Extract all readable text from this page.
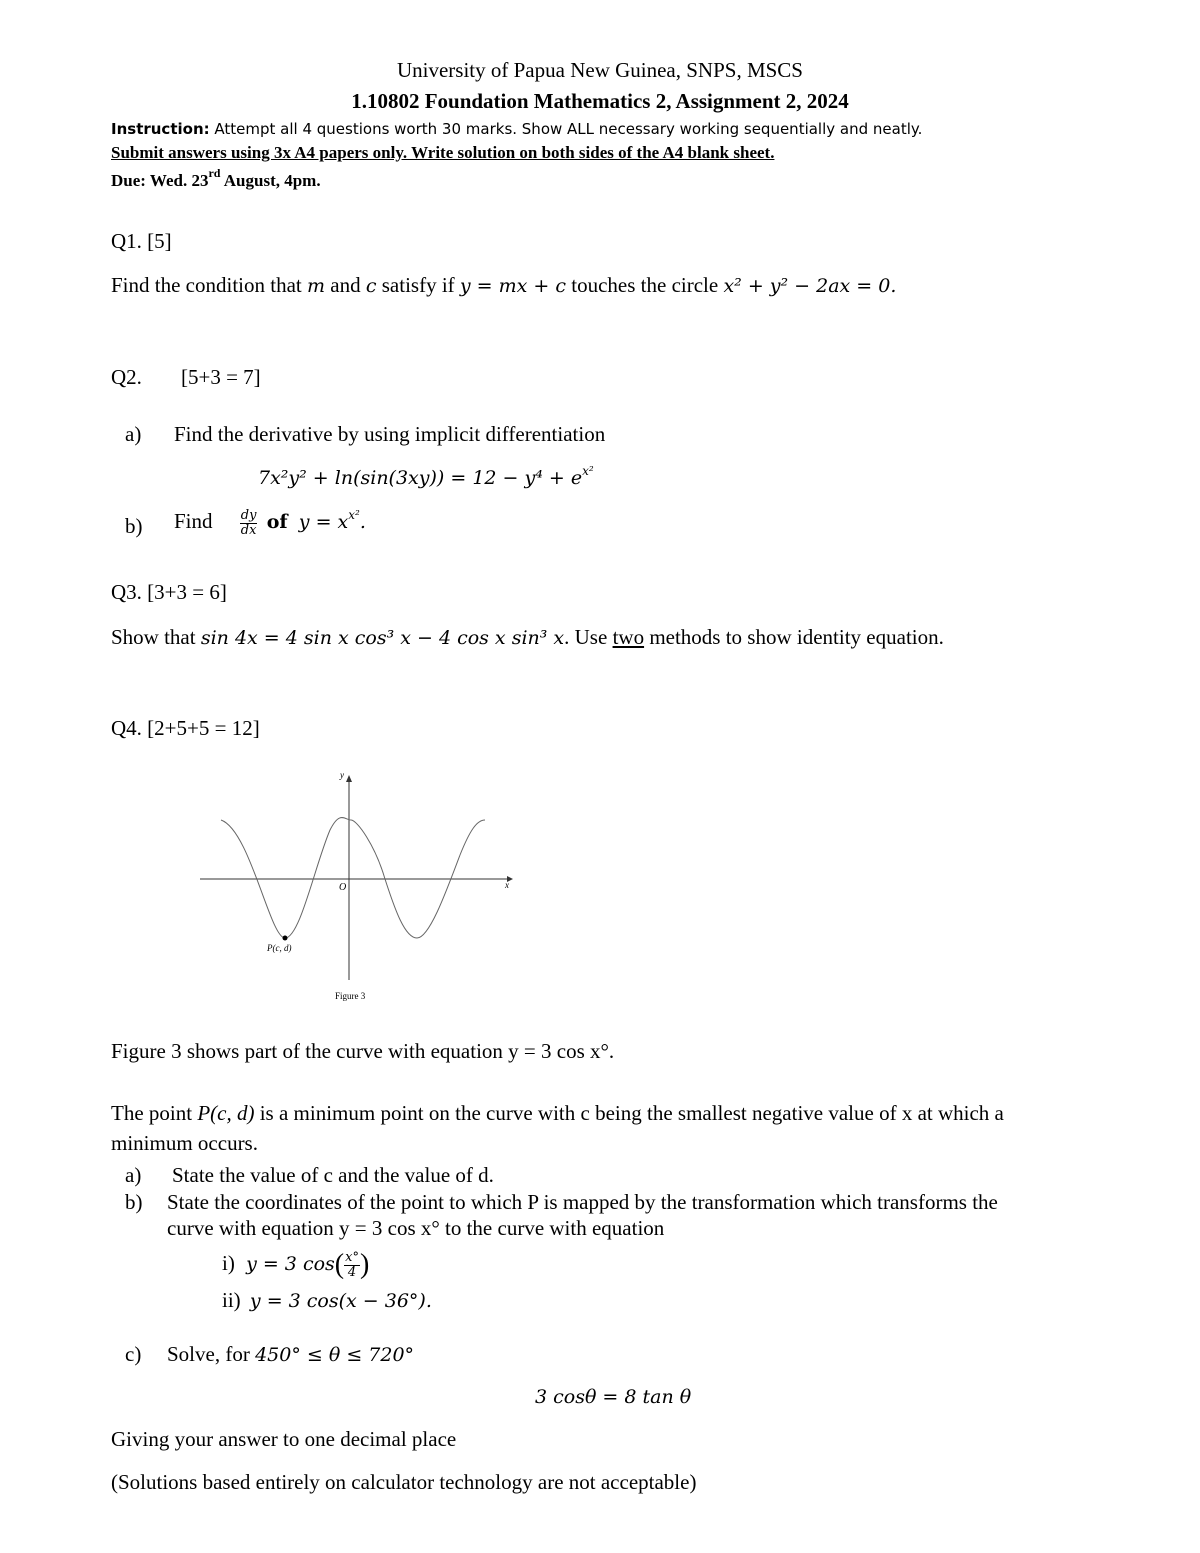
University of Papua New Guinea, SNPS, MSCS
1.10802 Foundation Mathematics 2, Assignment 2, 2024
Instruction: Attempt all 4 questions worth 30 marks. Show ALL necessary working sequentially and neatly.
Submit answers using 3x A4 papers only. Write solution on both sides of the A4 blank sheet.
Due: Wed. 23rd August, 4pm.
Q1. [5]
Find the condition that m and c satisfy if y = mx + c touches the circle x² + y² − 2ax = 0.
Q2. [5+3 = 7]
a) Find the derivative by using implicit differentiation
$7x^2y^2 + \ln(\sin(3xy)) = 12 - y^4 + e^{x^2}$
b) Find $\frac{dy}{dx}$ of $y = x^{x^2}$.
Q3. [3+3 = 6]
Show that sin 4x = 4 sin x cos³ x − 4 cos x sin³ x. Use two methods to show identity equation.
Q4. [2+5+5 = 12]
y
x
O
P(c, d)
Figure 3
Figure 3 shows part of the curve with equation y = 3 cos x°.
The point P(c, d) is a minimum point on the curve with c being the smallest negative value of x at which a
minimum occurs.
a) State the value of c and the value of d.
b) State the coordinates of the point to which P is mapped by the transformation which transforms the
curve with equation y = 3 cos x° to the curve with equation
i) y = 3 $\cos( \frac{x^\circ}{4}$ )
ii) y = 3 cos(x − 36°).
c) Solve, for 450° ≤ θ ≤ 720°
3 cosθ = 8 tan θ
Giving your answer to one decimal place
(Solutions based entirely on calculator technology are not acceptable)
